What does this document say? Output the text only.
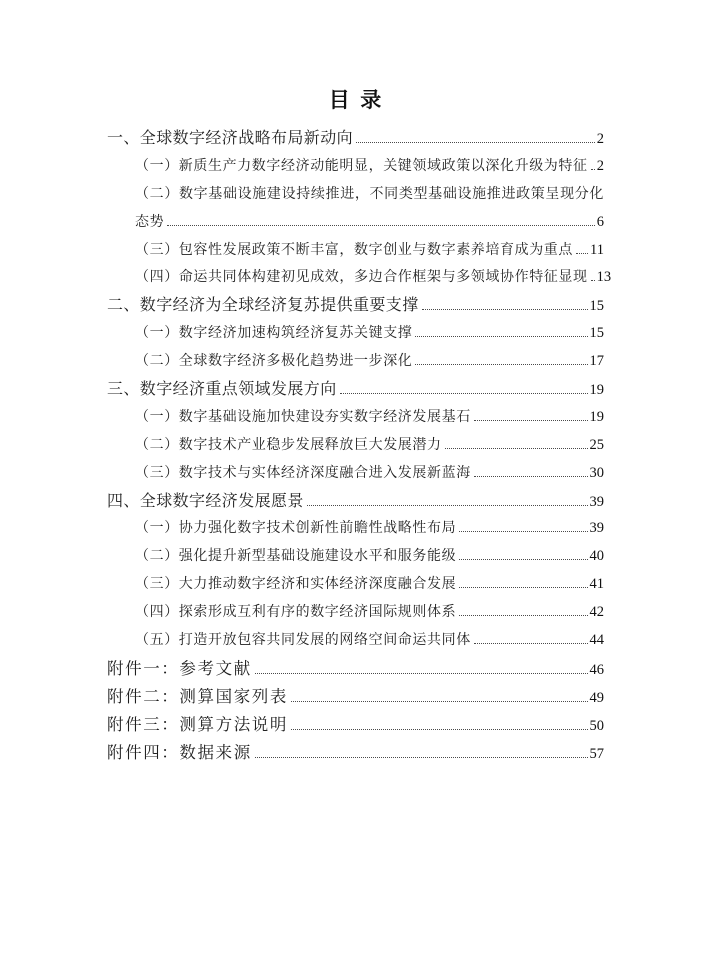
目  录
一、全球数字经济战略布局新动向	2
（一）新质生产力数字经济动能明显，关键领域政策以深化升级为特征 2
（二）数字基础设施建设持续推进，不同类型基础设施推进政策呈现分化
态势	6
（三）包容性发展政策不断丰富，数字创业与数字素养培育成为重点 11
（四）命运共同体构建初见成效，多边合作框架与多领域协作特征显现 13
二、数字经济为全球经济复苏提供重要支撑	15
（一）数字经济加速构筑经济复苏关键支撑	15
（二）全球数字经济多极化趋势进一步深化	17
三、数字经济重点领域发展方向	19
（一）数字基础设施加快建设夯实数字经济发展基石	19
（二）数字技术产业稳步发展释放巨大发展潜力	25
（三）数字技术与实体经济深度融合进入发展新蓝海	30
四、全球数字经济发展愿景	39
（一）协力强化数字技术创新性前瞻性战略性布局	39
（二）强化提升新型基础设施建设水平和服务能级	40
（三）大力推动数字经济和实体经济深度融合发展	41
（四）探索形成互利有序的数字经济国际规则体系	42
（五）打造开放包容共同发展的网络空间命运共同体	44
附件一：参考文献	46
附件二：测算国家列表	49
附件三：测算方法说明	50
附件四：数据来源	57
